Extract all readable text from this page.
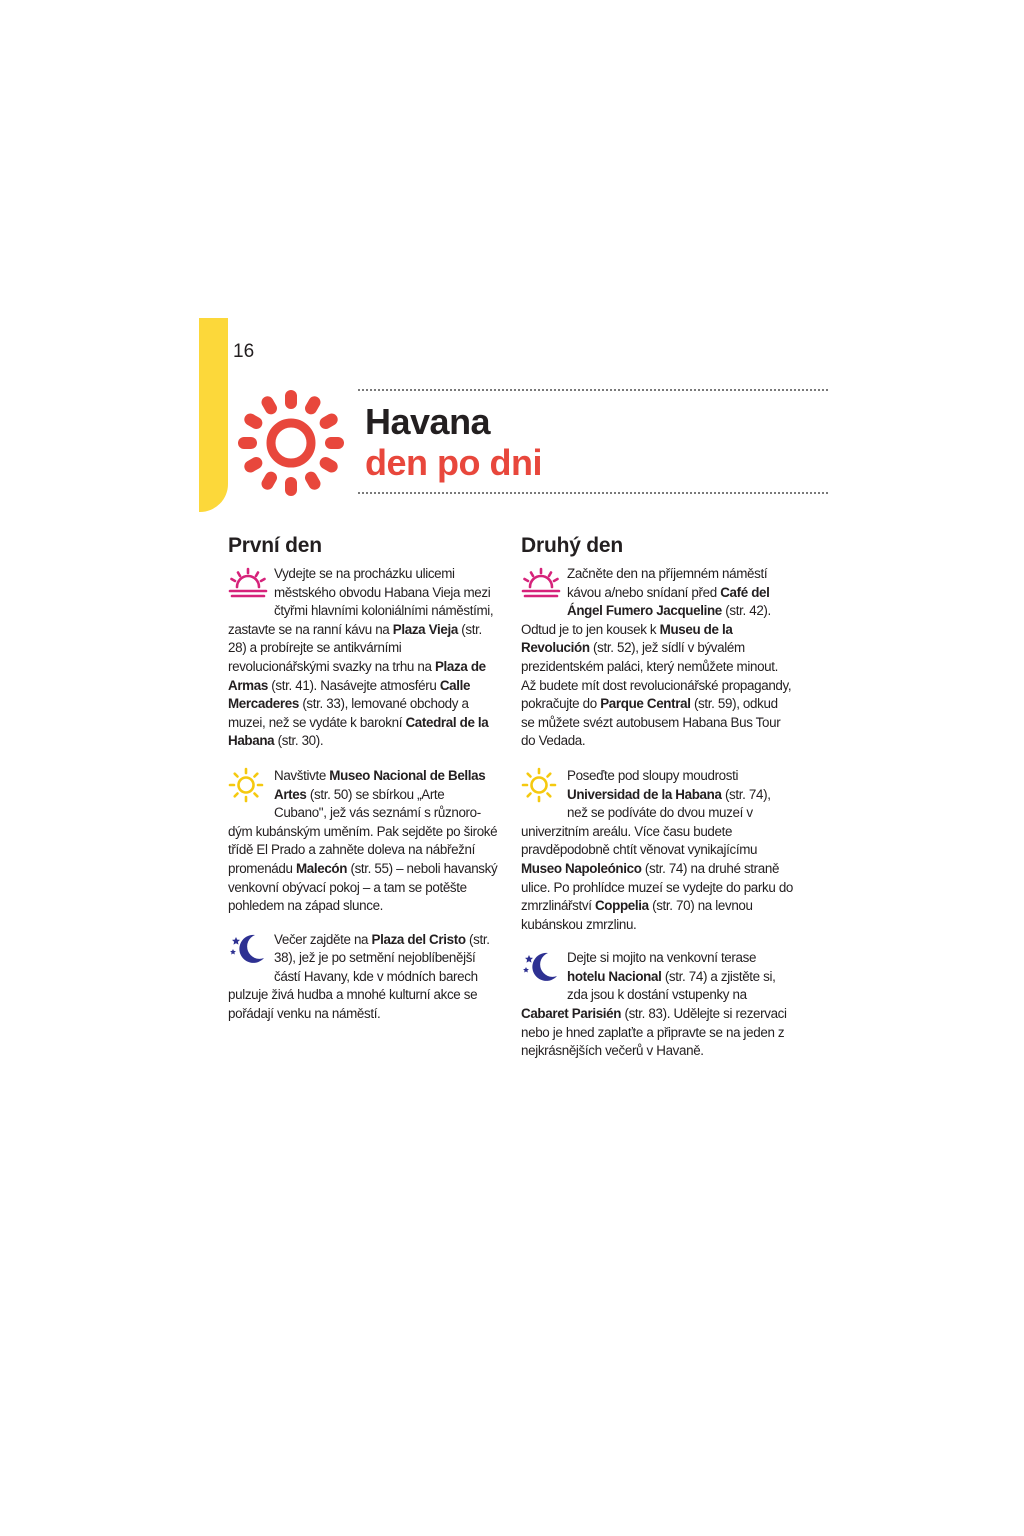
16
Havana
den po dni
První den
Vydejte se na procházku ulicemi městského obvodu Habana Vieja mezi čtyřmi hlavními koloniálními náměstími, zastavte se na ranní kávu na Plaza Vieja (str. 28) a probírejte se antikvárními revolucionářskými svazky na trhu na Plaza de Armas (str. 41). Nasávejte atmosféru Calle Mercaderes (str. 33), lemované obchody a muzei, než se vydáte k barokní Catedral de la Habana (str. 30).
Navštivte Museo Nacional de Bellas Artes (str. 50) se sbírkou „Arte Cubano", jež vás seznámí s různorodým kubánským uměním. Pak sejděte po široké třídě El Prado a zahněte doleva na nábřežní promenádu Malecón (str. 55) – neboli havanský venkovní obývací pokoj – a tam se potěšte pohledem na západ slunce.
Večer zajděte na Plaza del Cristo (str. 38), jež je po setmění nejoblíbenější částí Havany, kde v módních barech pulzuje živá hudba a mnohé kulturní akce se pořádají venku na náměstí.
Druhý den
Začněte den na příjemném náměstí kávou a/nebo snídaní před Café del Ángel Fumero Jacqueline (str. 42). Odtud je to jen kousek k Museu de la Revolución (str. 52), jež sídlí v bývalém prezidentském paláci, který nemůžete minout. Až budete mít dost revolucionářské propagandy, pokračujte do Parque Central (str. 59), odkud se můžete svézt autobusem Habana Bus Tour do Vedada.
Poseďte pod sloupy moudrosti Universidad de la Habana (str. 74), než se podíváte do dvou muzeí v univerzitním areálu. Více času budete pravděpodobně chtít věnovat vynikajícímu Museo Napoleónico (str. 74) na druhé straně ulice. Po prohlídce muzeí se vydejte do parku do zmrzlinářství Coppelia (str. 70) na levnou kubánskou zmrzlinu.
Dejte si mojito na venkovní terase hotelu Nacional (str. 74) a zjistěte si, zda jsou k dostání vstupenky na Cabaret Parisién (str. 83). Udělejte si rezervaci nebo je hned zaplaťte a připravte se na jeden z nejkrásnějších večerů v Havaně.
